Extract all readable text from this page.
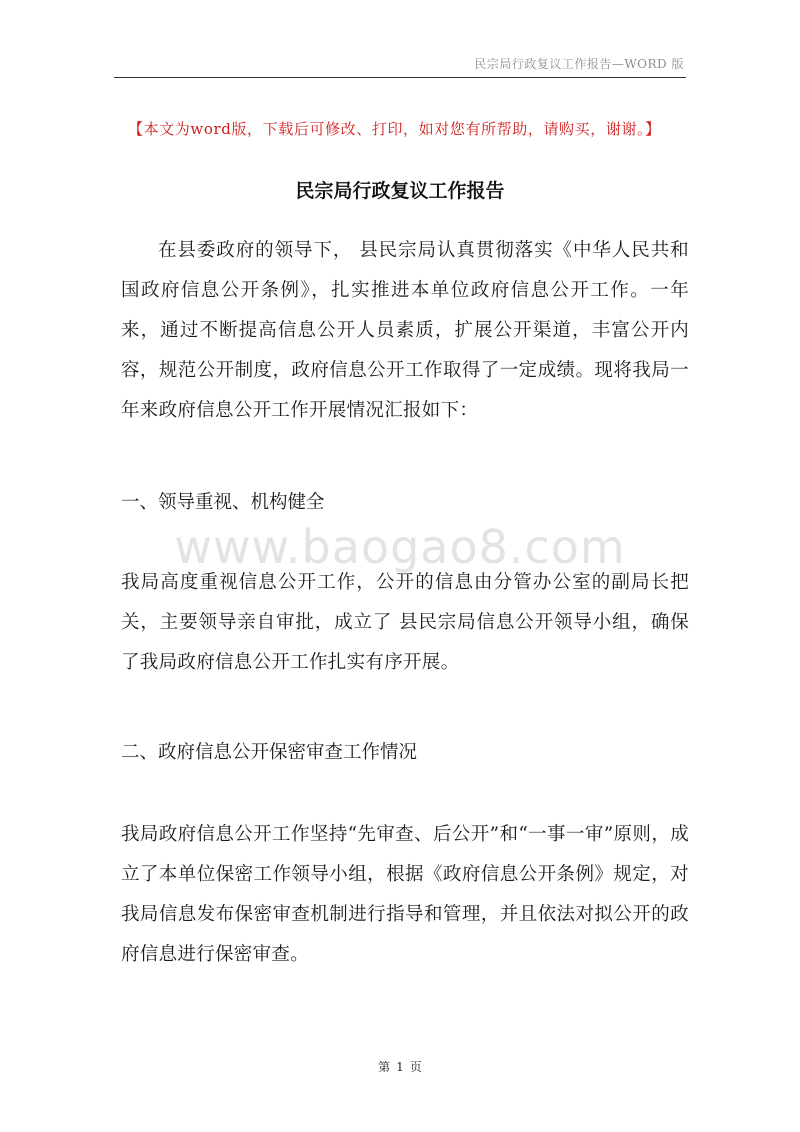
民宗局行政复议工作报告—WORD 版
【本文为word版，下载后可修改、打印，如对您有所帮助，请购买，谢谢。】
民宗局行政复议工作报告
在县委政府的领导下， 县民宗局认真贯彻落实《中华人民共和国政府信息公开条例》，扎实推进本单位政府信息公开工作。一年来，通过不断提高信息公开人员素质，扩展公开渠道，丰富公开内容，规范公开制度，政府信息公开工作取得了一定成绩。现将我局一年来政府信息公开工作开展情况汇报如下：
一、领导重视、机构健全
www.baogao8.com
我局高度重视信息公开工作，公开的信息由分管办公室的副局长把关，主要领导亲自审批，成立了 县民宗局信息公开领导小组，确保了我局政府信息公开工作扎实有序开展。
二、政府信息公开保密审查工作情况
我局政府信息公开工作坚持“先审查、后公开”和“一事一审”原则，成立了本单位保密工作领导小组，根据《政府信息公开条例》规定，对我局信息发布保密审查机制进行指导和管理，并且依法对拟公开的政府信息进行保密审查。
第 1 页
